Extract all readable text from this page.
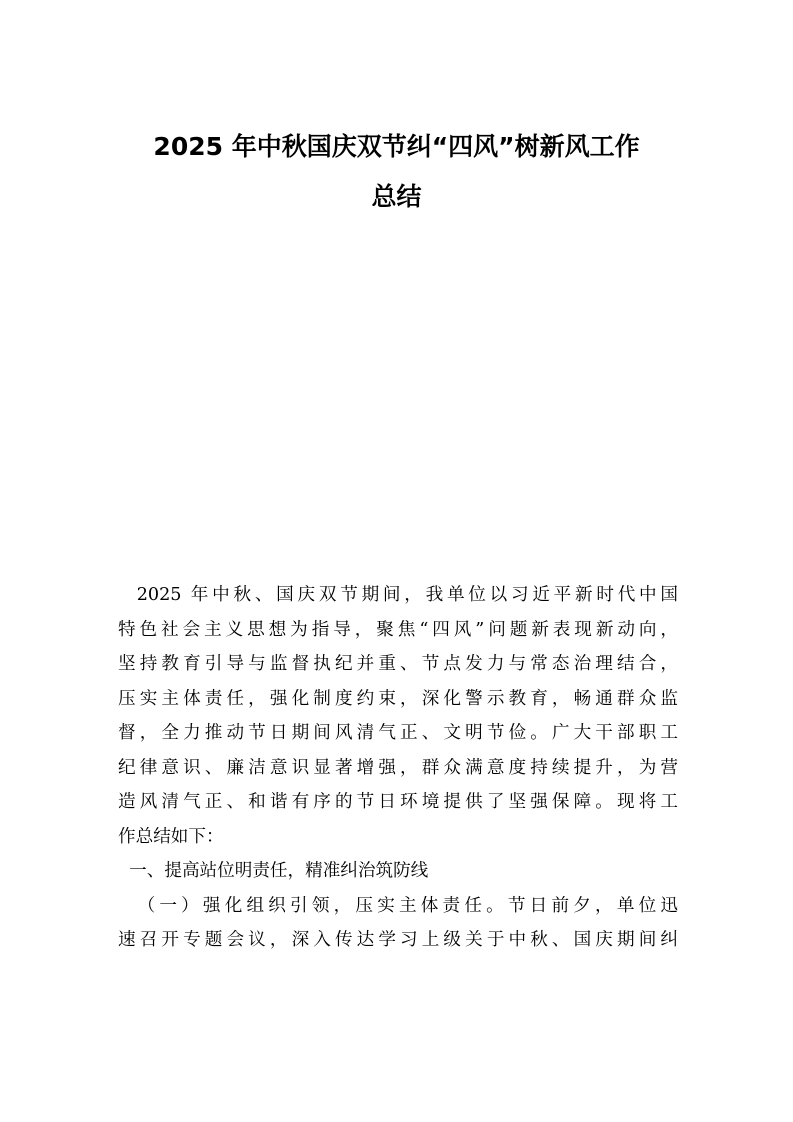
2025 年中秋国庆双节纠“四风”树新风工作
总结
2025 年中秋、国庆双节期间，我单位以习近平新时代中国
特色社会主义思想为指导，聚焦“四风”问题新表现新动向，
坚持教育引导与监督执纪并重、节点发力与常态治理结合，
压实主体责任，强化制度约束，深化警示教育，畅通群众监
督，全力推动节日期间风清气正、文明节俭。广大干部职工
纪律意识、廉洁意识显著增强，群众满意度持续提升，为营
造风清气正、和谐有序的节日环境提供了坚强保障。现将工
作总结如下：
一、提高站位明责任，精准纠治筑防线
（一）强化组织引领，压实主体责任。节日前夕，单位迅
速召开专题会议，深入传达学习上级关于中秋、国庆期间纠
